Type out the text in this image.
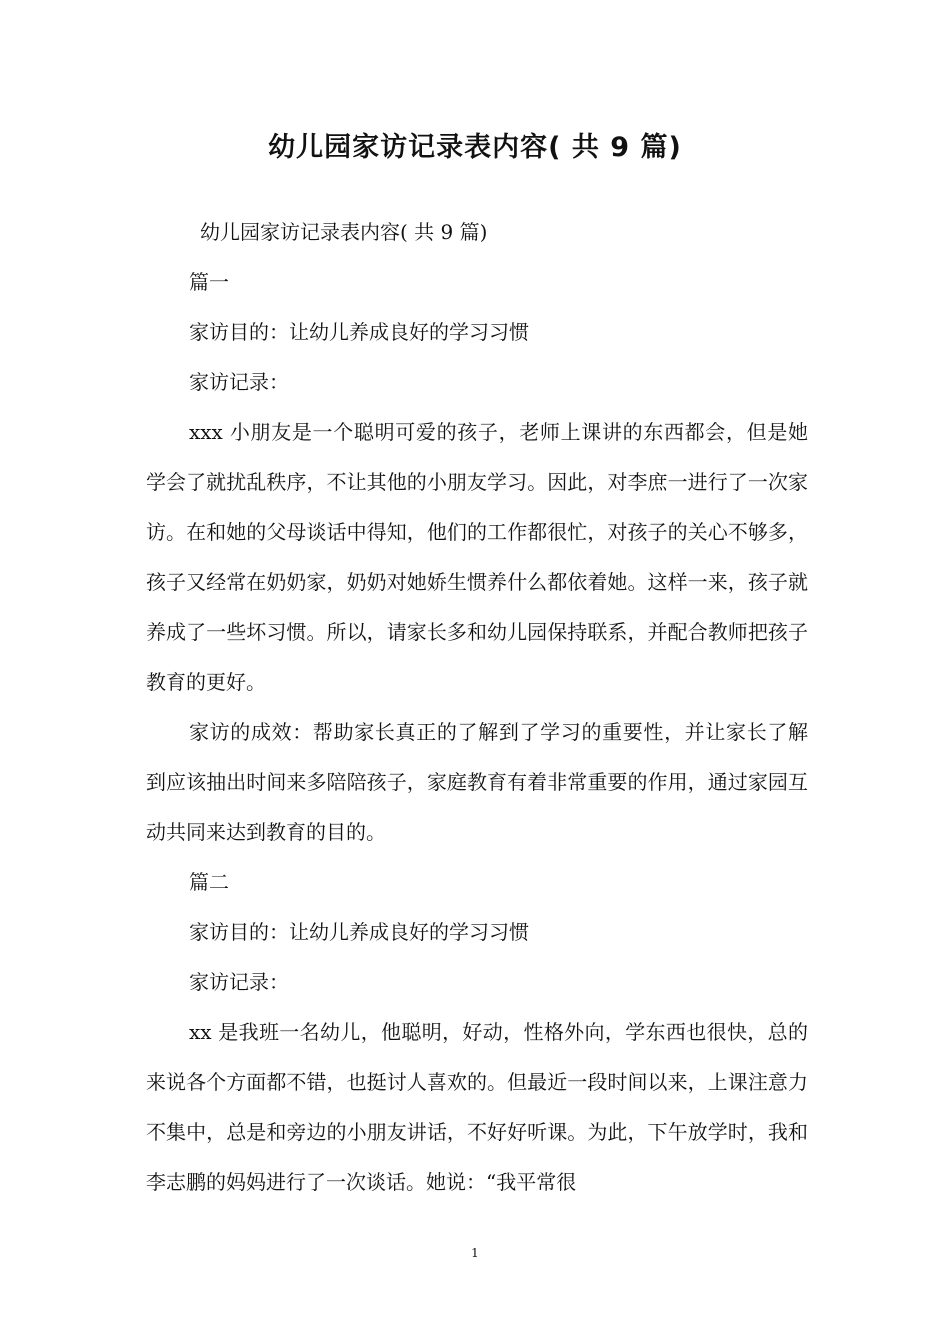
幼儿园家访记录表内容( 共 9 篇)

幼儿园家访记录表内容( 共 9 篇)

篇一

家访目的：让幼儿养成良好的学习习惯

家访记录：

xxx 小朋友是一个聪明可爱的孩子，老师上课讲的东西都会，但是她学会了就扰乱秩序，不让其他的小朋友学习。因此，对李庶一进行了一次家访。在和她的父母谈话中得知，他们的工作都很忙，对孩子的关心不够多，孩子又经常在奶奶家，奶奶对她娇生惯养什么都依着她。这样一来，孩子就养成了一些坏习惯。所以，请家长多和幼儿园保持联系，并配合教师把孩子教育的更好。

家访的成效：帮助家长真正的了解到了学习的重要性，并让家长了解到应该抽出时间来多陪陪孩子，家庭教育有着非常重要的作用，通过家园互动共同来达到教育的目的。

篇二

家访目的：让幼儿养成良好的学习习惯

家访记录：

xx 是我班一名幼儿，他聪明，好动，性格外向，学东西也很快，总的来说各个方面都不错，也挺讨人喜欢的。但最近一段时间以来，上课注意力不集中，总是和旁边的小朋友讲话，不好好听课。为此，下午放学时，我和李志鹏的妈妈进行了一次谈话。她说：“我平常很

1
